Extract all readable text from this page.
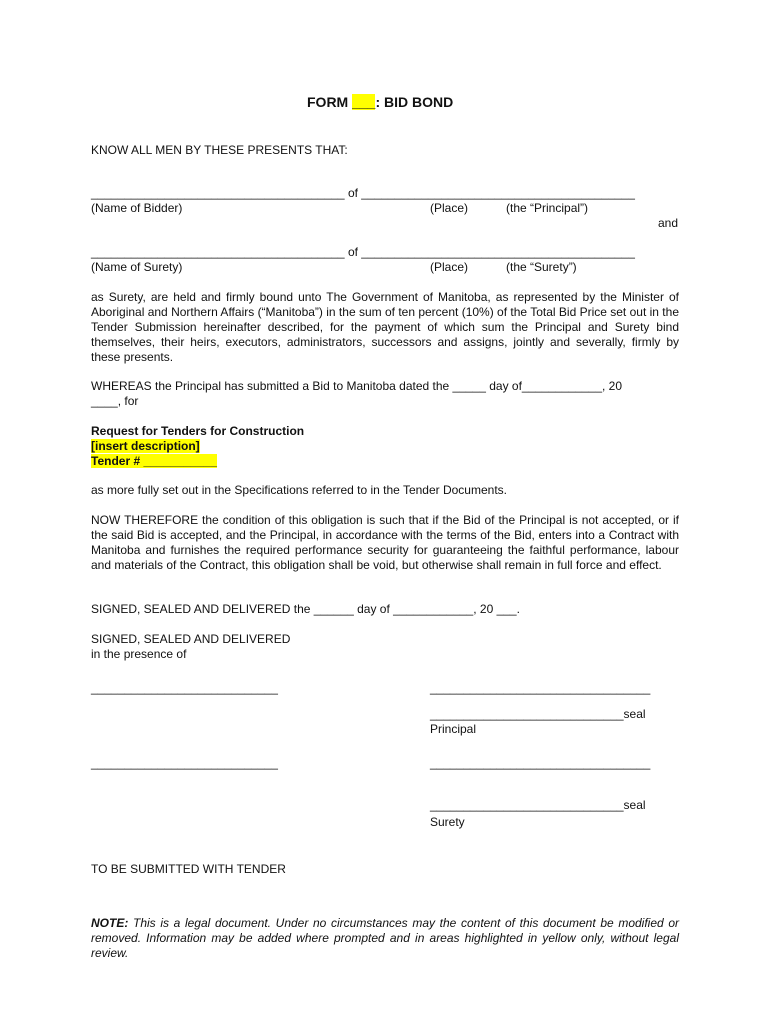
FORM ___: BID BOND
KNOW ALL MEN BY THESE PRESENTS THAT:
______________________________________ of _________________________________________
(Name of Bidder)	(Place)	(the “Principal”)
and
______________________________________ of _________________________________________
(Name of Surety)	(Place)	(the “Surety”)
as Surety, are held and firmly bound unto The Government of Manitoba, as represented by the Minister of Aboriginal and Northern Affairs (“Manitoba”) in the sum of ten percent (10%) of the Total Bid Price set out in the Tender Submission hereinafter described, for the payment of which sum the Principal and Surety bind themselves, their heirs, executors, administrators, successors and assigns, jointly and severally, firmly by these presents.
WHEREAS the Principal has submitted a Bid to Manitoba dated the _____ day of____________, 20
____, for
Request for Tenders for Construction
[insert description]
Tender # ___________
as more fully set out in the Specifications referred to in the Tender Documents.
NOW THEREFORE the condition of this obligation is such that if the Bid of the Principal is not accepted, or if the said Bid is accepted, and the Principal, in accordance with the terms of the Bid, enters into a Contract with Manitoba and furnishes the required performance security for guaranteeing the faithful performance, labour and materials of the Contract, this obligation shall be void, but otherwise shall remain in full force and effect.
SIGNED, SEALED AND DELIVERED the ______ day of ____________, 20 ___.
SIGNED, SEALED AND DELIVERED
in the presence of
____________________________	_________________________________
_____________________________seal
Principal
____________________________	_________________________________
_____________________________seal
Surety
TO BE SUBMITTED WITH TENDER
NOTE: This is a legal document. Under no circumstances may the content of this document be modified or removed. Information may be added where prompted and in areas highlighted in yellow only, without legal review.
